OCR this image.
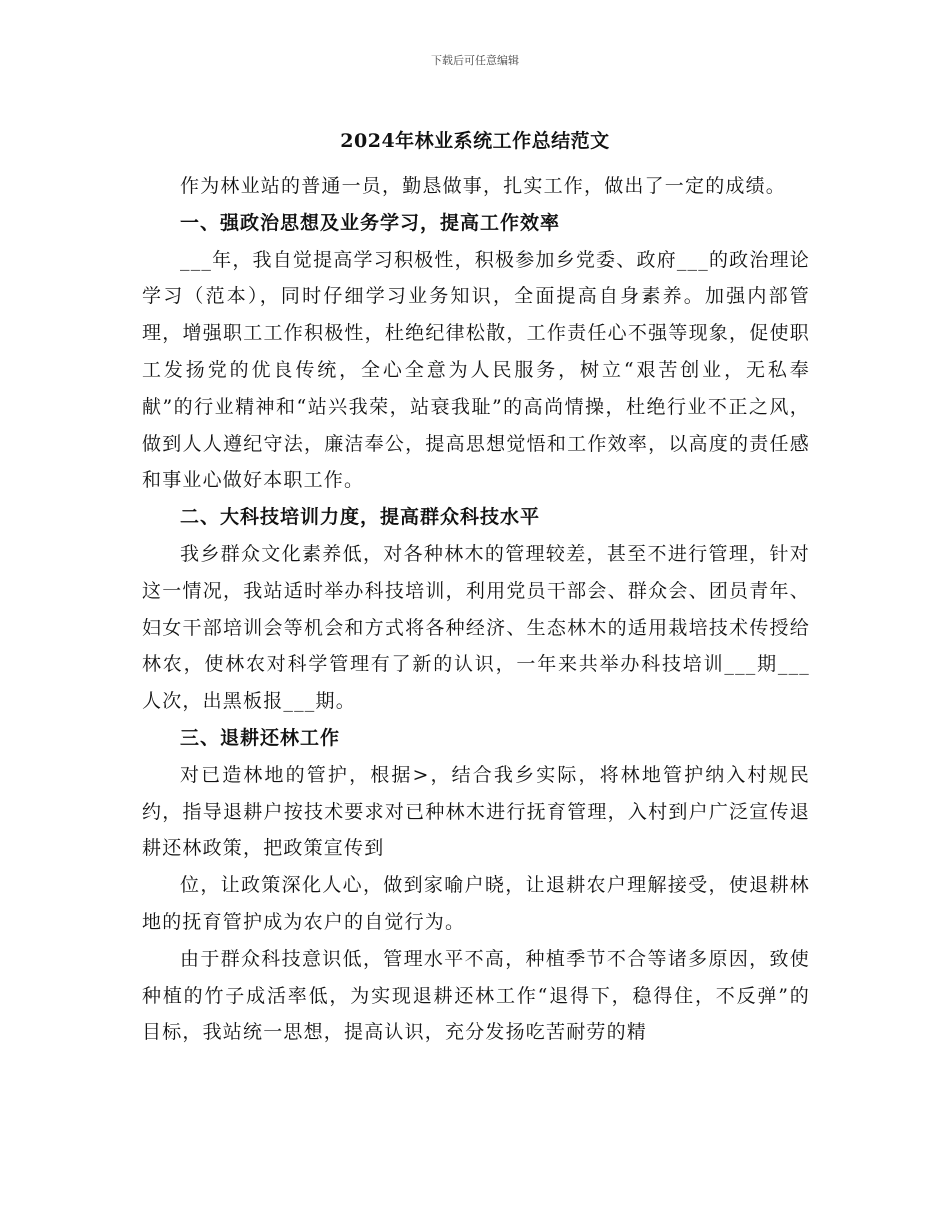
下载后可任意编辑
2024年林业系统工作总结范文

作为林业站的普通一员，勤恳做事，扎实工作，做出了一定的成绩。

一、强政治思想及业务学习，提高工作效率

___年，我自觉提高学习积极性，积极参加乡党委、政府___的政治理论学习（范本），同时仔细学习业务知识，全面提高自身素养。加强内部管理，增强职工工作积极性，杜绝纪律松散，工作责任心不强等现象，促使职工发扬党的优良传统，全心全意为人民服务，树立“艰苦创业，无私奉献”的行业精神和“站兴我荣，站衰我耻”的高尚情操，杜绝行业不正之风，做到人人遵纪守法，廉洁奉公，提高思想觉悟和工作效率，以高度的责任感和事业心做好本职工作。

二、大科技培训力度，提高群众科技水平

我乡群众文化素养低，对各种林木的管理较差，甚至不进行管理，针对这一情况，我站适时举办科技培训，利用党员干部会、群众会、团员青年、妇女干部培训会等机会和方式将各种经济、生态林木的适用栽培技术传授给林农，使林农对科学管理有了新的认识，一年来共举办科技培训___期___人次，出黑板报___期。

三、退耕还林工作

对已造林地的管护，根据>，结合我乡实际，将林地管护纳入村规民约，指导退耕户按技术要求对已种林木进行抚育管理，入村到户广泛宣传退耕还林政策，把政策宣传到

位，让政策深化人心，做到家喻户晓，让退耕农户理解接受，使退耕林地的抚育管护成为农户的自觉行为。

由于群众科技意识低，管理水平不高，种植季节不合等诸多原因，致使种植的竹子成活率低，为实现退耕还林工作“退得下，稳得住，不反弹”的目标，我站统一思想，提高认识，充分发扬吃苦耐劳的精
